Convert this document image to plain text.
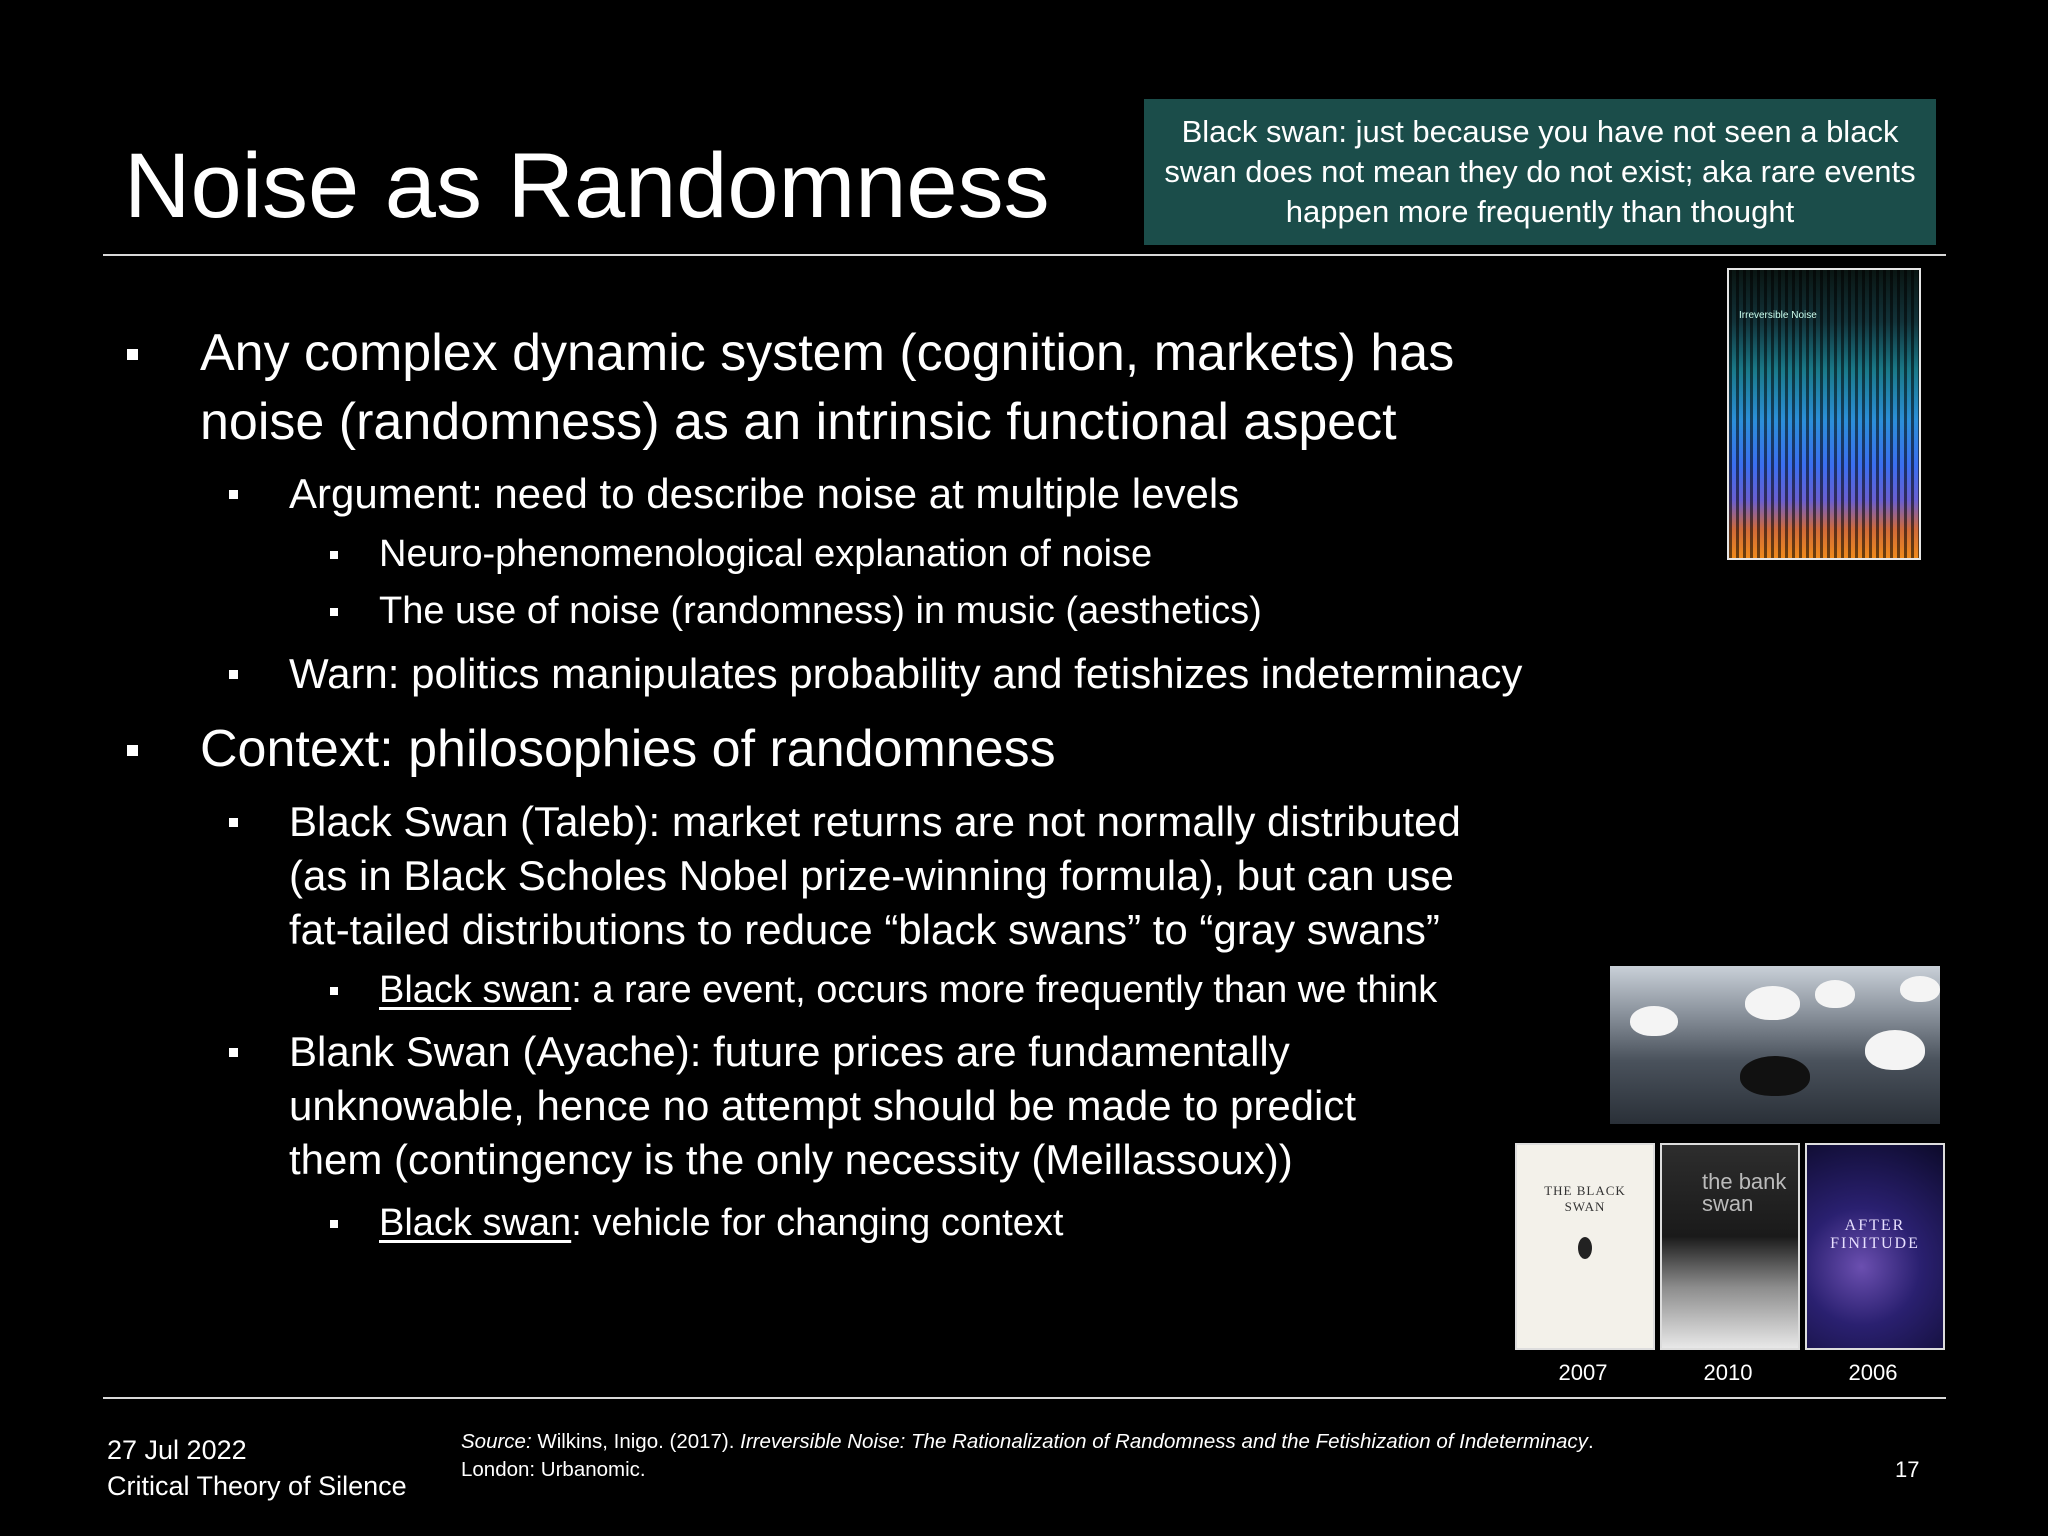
Noise as Randomness
Black swan: just because you have not seen a black swan does not mean they do not exist; aka rare events happen more frequently than thought
Any complex dynamic system (cognition, markets) has
noise (randomness) as an intrinsic functional aspect
Argument: need to describe noise at multiple levels
Neuro-phenomenological explanation of noise
The use of noise (randomness) in music (aesthetics)
Warn: politics manipulates probability and fetishizes indeterminacy
Context: philosophies of randomness
Black Swan (Taleb): market returns are not normally distributed
(as in Black Scholes Nobel prize-winning formula), but can use
fat-tailed distributions to reduce “black swans” to “gray swans”
Black swan: a rare event, occurs more frequently than we think
Blank Swan (Ayache): future prices are fundamentally
unknowable, hence no attempt should be made to predict
them (contingency is the only necessity (Meillassoux))
Black swan: vehicle for changing context
Irreversible Noise
THE BLACK SWAN
the bank swan
AFTER FINITUDE
2007	2010	2006
27 Jul 2022
Critical Theory of Silence
Source: Wilkins, Inigo. (2017). Irreversible Noise: The Rationalization of Randomness and the Fetishization of Indeterminacy.
London: Urbanomic.	17
